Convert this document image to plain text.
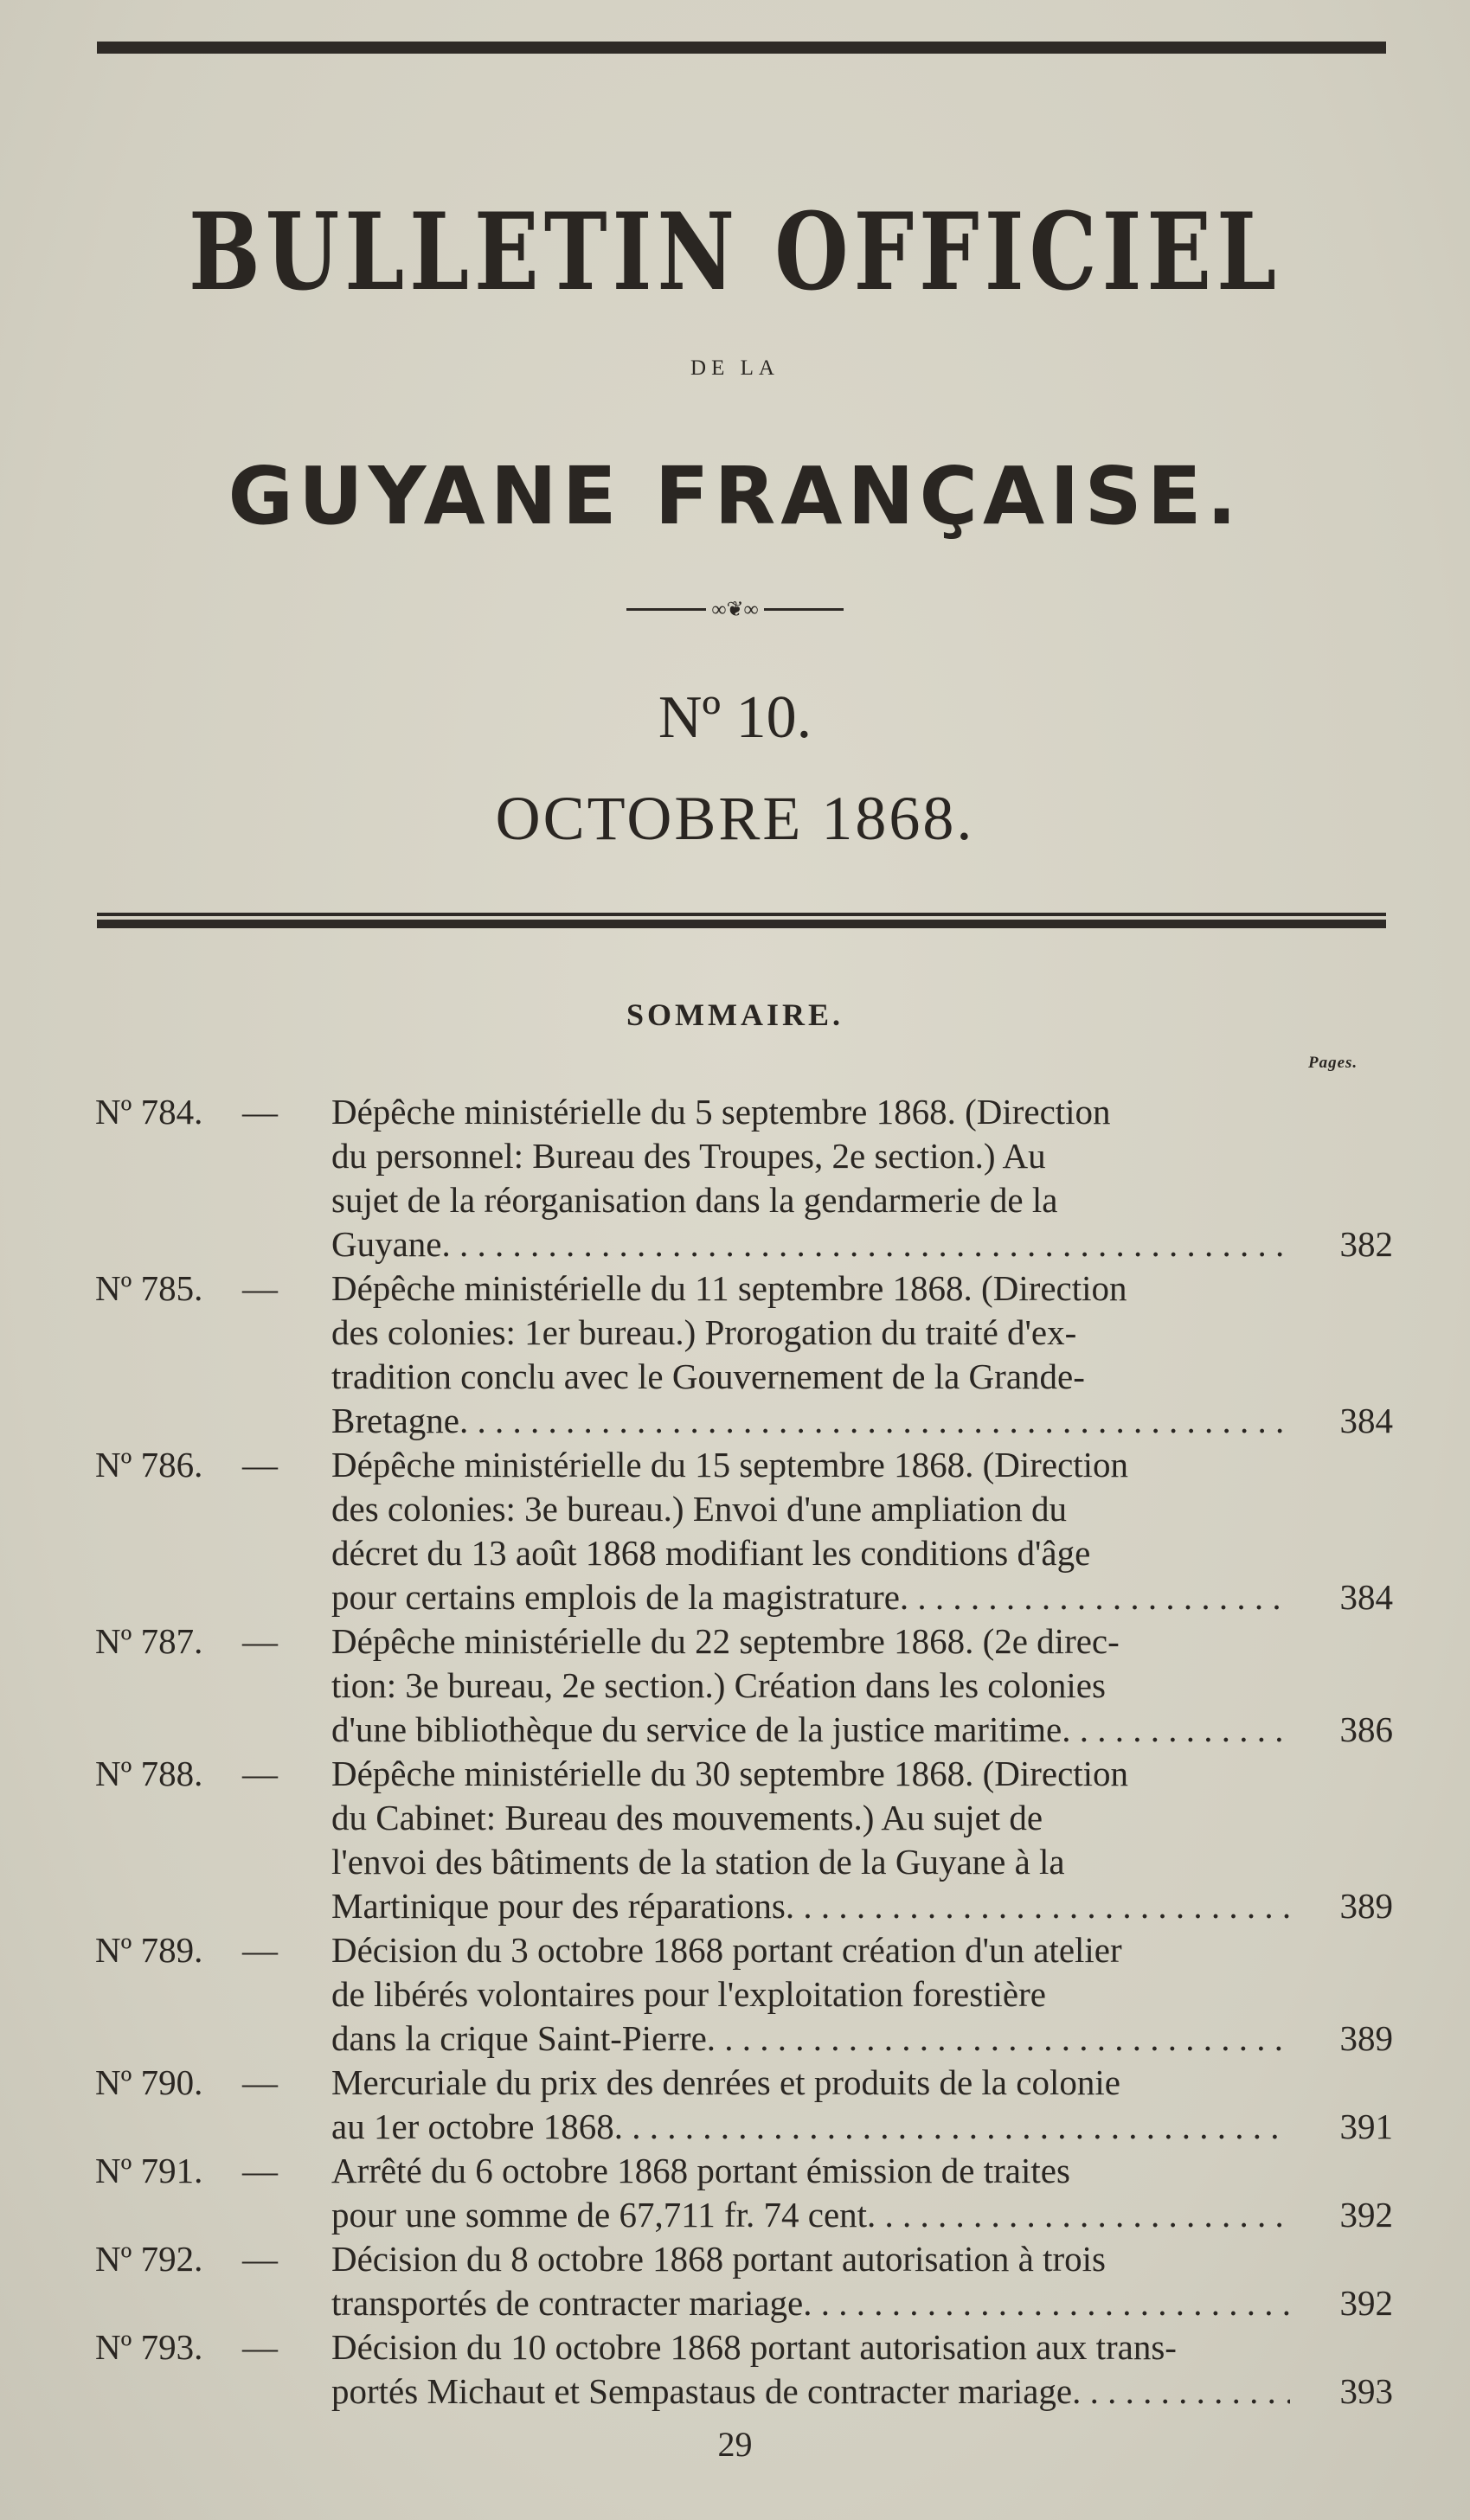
BULLETIN OFFICIEL
DE LA
GUYANE FRANÇAISE.
∞❦∞
Nº 10.
OCTOBRE 1868.
SOMMAIRE.
Pages.
Nº 784. — Dépêche ministérielle du 5 septembre 1868. (Direction
du personnel: Bureau des Troupes, 2e section.) Au
sujet de la réorganisation dans la gendarmerie de la
Guyane . . .	382
Nº 785. — Dépêche ministérielle du 11 septembre 1868. (Direction
des colonies: 1er bureau.) Prorogation du traité d'ex-
tradition conclu avec le Gouvernement de la Grande-
Bretagne . . .	384
Nº 786. — Dépêche ministérielle du 15 septembre 1868. (Direction
des colonies: 3e bureau.) Envoi d'une ampliation du
décret du 13 août 1868 modifiant les conditions d'âge
pour certains emplois de la magistrature . . .	384
Nº 787. — Dépêche ministérielle du 22 septembre 1868. (2e direc-
tion: 3e bureau, 2e section.) Création dans les colonies
d'une bibliothèque du service de la justice maritime . . .	386
Nº 788. — Dépêche ministérielle du 30 septembre 1868. (Direction
du Cabinet: Bureau des mouvements.) Au sujet de
l'envoi des bâtiments de la station de la Guyane à la
Martinique pour des réparations . . .	389
Nº 789. — Décision du 3 octobre 1868 portant création d'un atelier
de libérés volontaires pour l'exploitation forestière
dans la crique Saint-Pierre . . .	389
Nº 790. — Mercuriale du prix des denrées et produits de la colonie
au 1er octobre 1868 . . .	391
Nº 791. — Arrêté du 6 octobre 1868 portant émission de traites
pour une somme de 67,711 fr. 74 cent . . .	392
Nº 792. — Décision du 8 octobre 1868 portant autorisation à trois
transportés de contracter mariage . . .	392
Nº 793. — Décision du 10 octobre 1868 portant autorisation aux trans-
portés Michaut et Sempastaus de contracter mariage . . .	393
29
